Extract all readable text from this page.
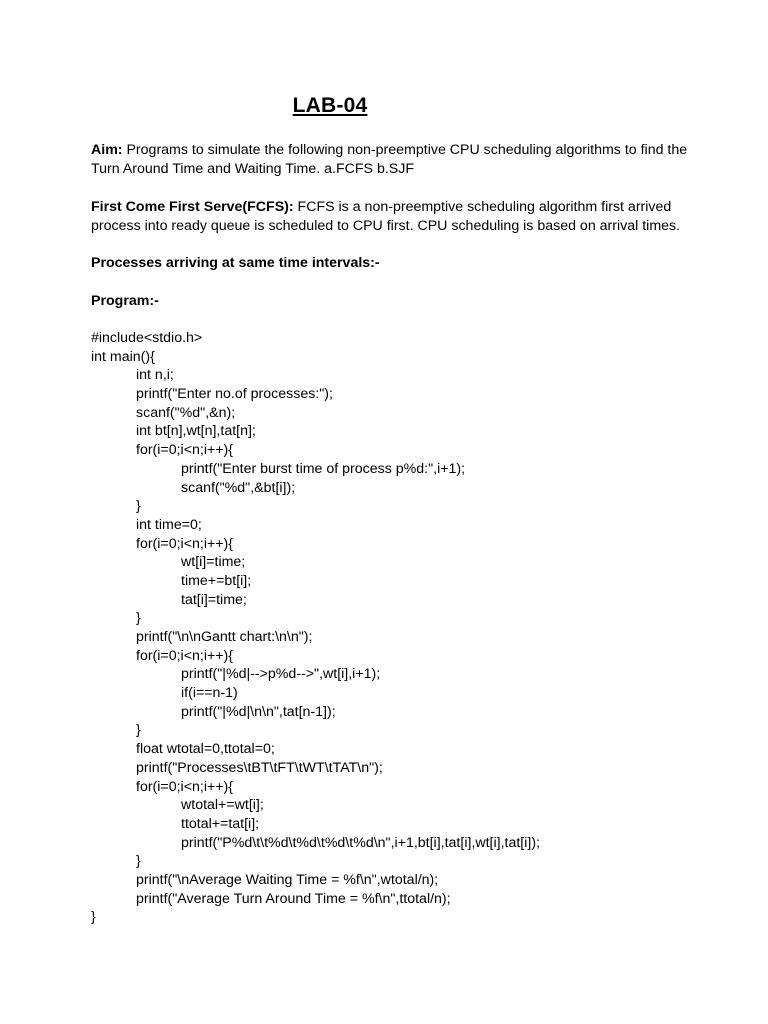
LAB-04
Aim: Programs to simulate the following non-preemptive CPU scheduling algorithms to find the Turn Around Time and Waiting Time. a.FCFS b.SJF
First Come First Serve(FCFS): FCFS is a non-preemptive scheduling algorithm first arrived process into ready queue is scheduled to CPU first. CPU scheduling is based on arrival times.
Processes arriving at same time intervals:-
Program:-
#include<stdio.h>
int main(){
int n,i;
printf("Enter no.of processes:");
scanf("%d",&n);
int bt[n],wt[n],tat[n];
for(i=0;i<n;i++){
printf("Enter burst time of process p%d:",i+1);
scanf("%d",&bt[i]);
}
int time=0;
for(i=0;i<n;i++){
wt[i]=time;
time+=bt[i];
tat[i]=time;
}
printf("\n\nGantt chart:\n\n");
for(i=0;i<n;i++){
printf("|%d|-->p%d-->",wt[i],i+1);
if(i==n-1)
printf("|%d|\n\n",tat[n-1]);
}
float wtotal=0,ttotal=0;
printf("Processes\tBT\tFT\tWT\tTAT\n");
for(i=0;i<n;i++){
wtotal+=wt[i];
ttotal+=tat[i];
printf("P%d\t\t%d\t%d\t%d\t%d\n",i+1,bt[i],tat[i],wt[i],tat[i]);
}
printf("\nAverage Waiting Time = %f\n",wtotal/n);
printf("Average Turn Around Time = %f\n",ttotal/n);
}
